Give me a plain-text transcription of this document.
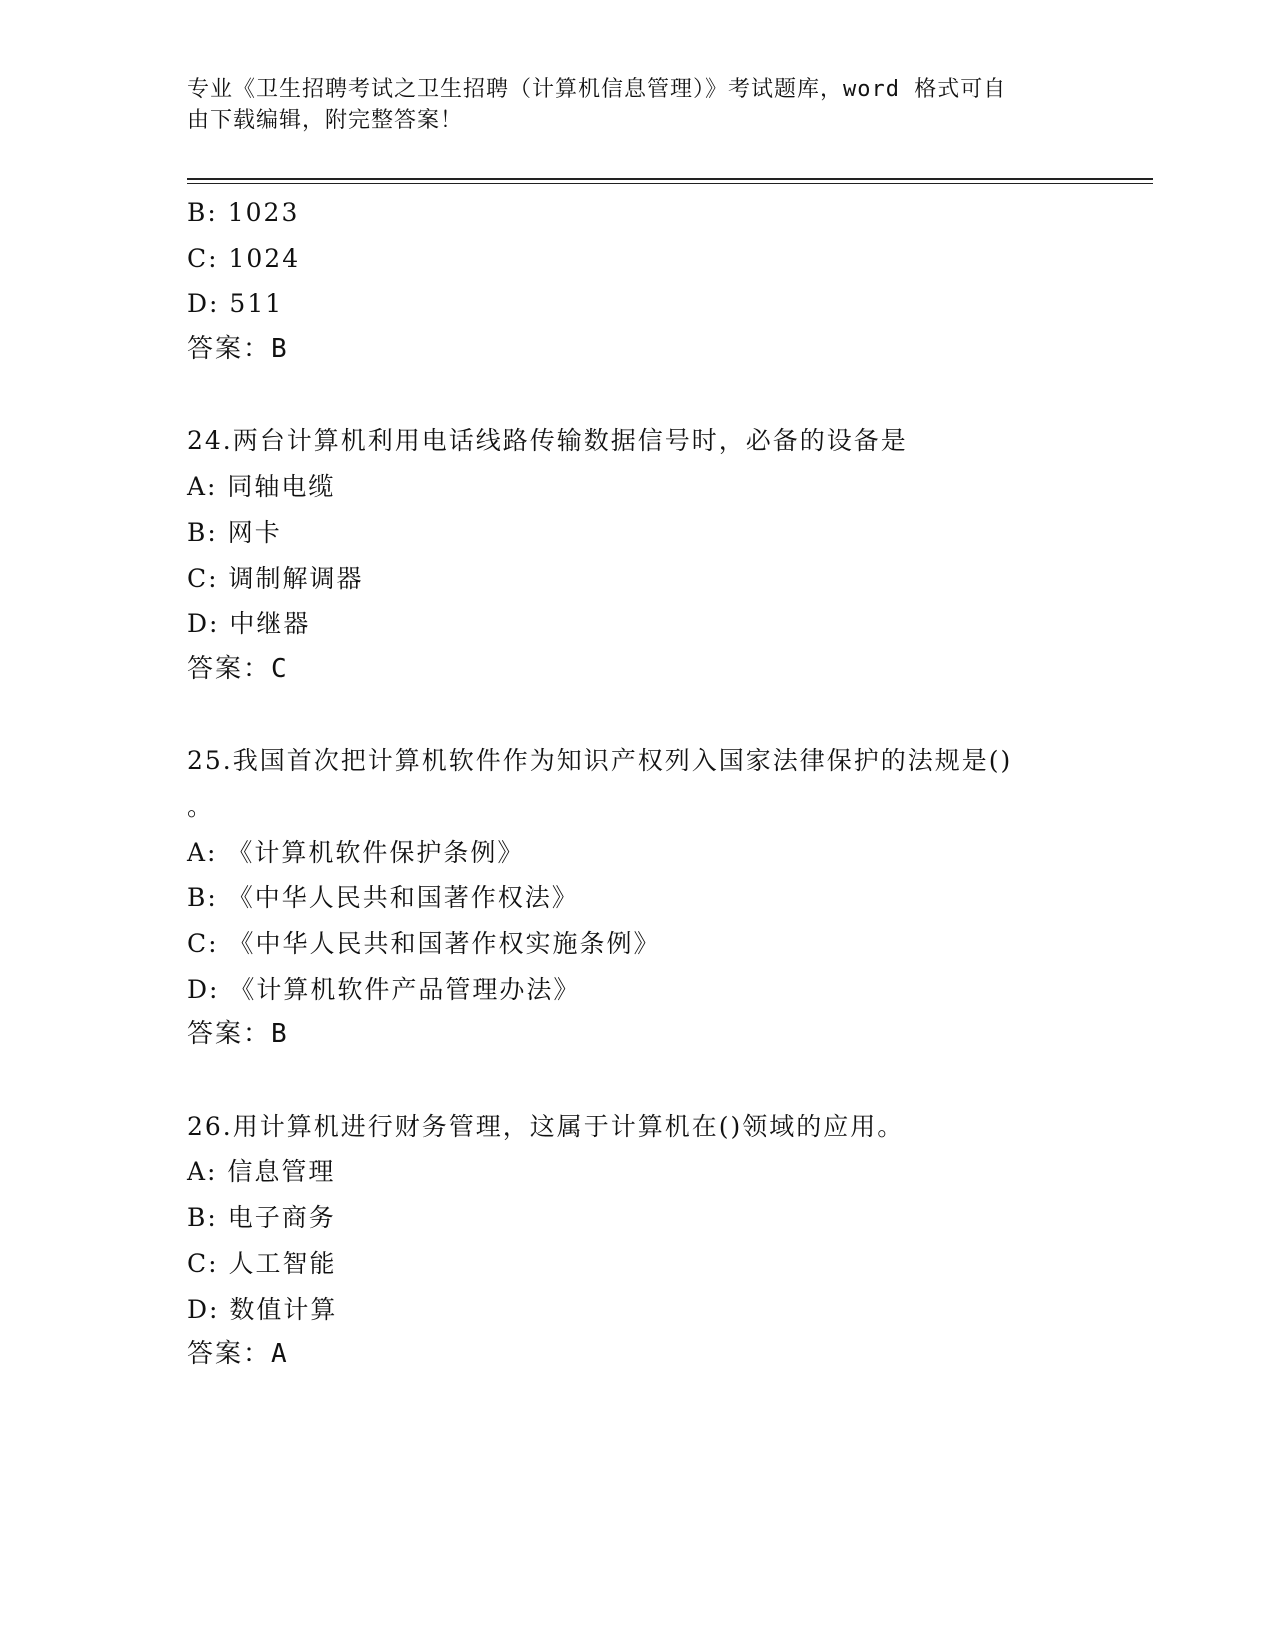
专业《卫生招聘考试之卫生招聘（计算机信息管理）》考试题库，word 格式可自
由下载编辑，附完整答案！
B: 1023
C: 1024
D: 511
答案：B
24.两台计算机利用电话线路传输数据信号时，必备的设备是
A: 同轴电缆
B: 网卡
C: 调制解调器
D: 中继器
答案：C
25.我国首次把计算机软件作为知识产权列入国家法律保护的法规是()
。
A: 《计算机软件保护条例》
B: 《中华人民共和国著作权法》
C: 《中华人民共和国著作权实施条例》
D: 《计算机软件产品管理办法》
答案：B
26.用计算机进行财务管理，这属于计算机在()领域的应用。
A: 信息管理
B: 电子商务
C: 人工智能
D: 数值计算
答案：A
